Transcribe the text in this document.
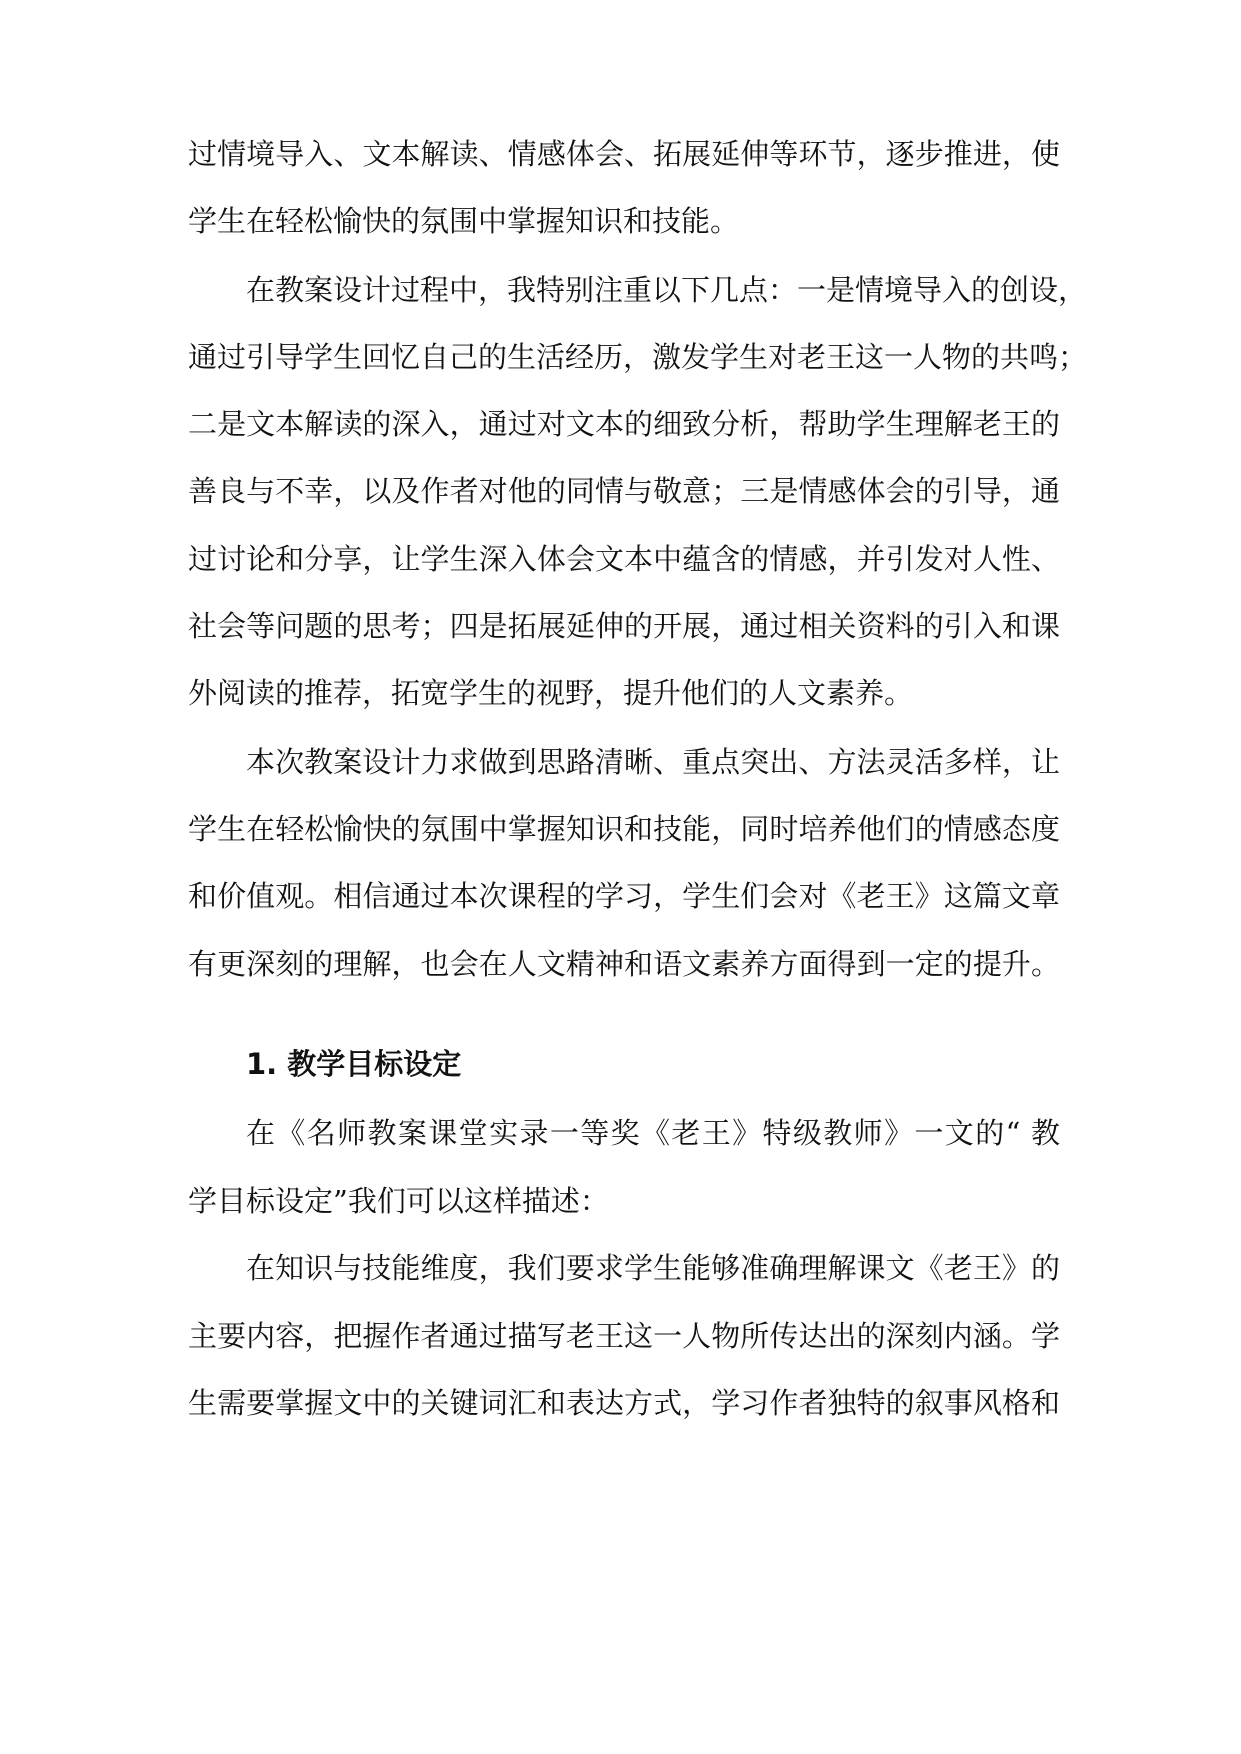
过情境导入、文本解读、情感体会、拓展延伸等环节，逐步推进，使
学生在轻松愉快的氛围中掌握知识和技能。
在教案设计过程中，我特别注重以下几点：一是情境导入的创设，
通过引导学生回忆自己的生活经历，激发学生对老王这一人物的共鸣；
二是文本解读的深入，通过对文本的细致分析，帮助学生理解老王的
善良与不幸，以及作者对他的同情与敬意；三是情感体会的引导，通
过讨论和分享，让学生深入体会文本中蕴含的情感，并引发对人性、
社会等问题的思考；四是拓展延伸的开展，通过相关资料的引入和课
外阅读的推荐，拓宽学生的视野，提升他们的人文素养。
本次教案设计力求做到思路清晰、重点突出、方法灵活多样，让
学生在轻松愉快的氛围中掌握知识和技能，同时培养他们的情感态度
和价值观。相信通过本次课程的学习，学生们会对《老王》这篇文章
有更深刻的理解，也会在人文精神和语文素养方面得到一定的提升。
1. 教学目标设定
在《名师教案课堂实录一等奖《老王》特级教师》一文的“ 教
学目标设定”我们可以这样描述：
在知识与技能维度，我们要求学生能够准确理解课文《老王》的
主要内容，把握作者通过描写老王这一人物所传达出的深刻内涵。学
生需要掌握文中的关键词汇和表达方式，学习作者独特的叙事风格和
